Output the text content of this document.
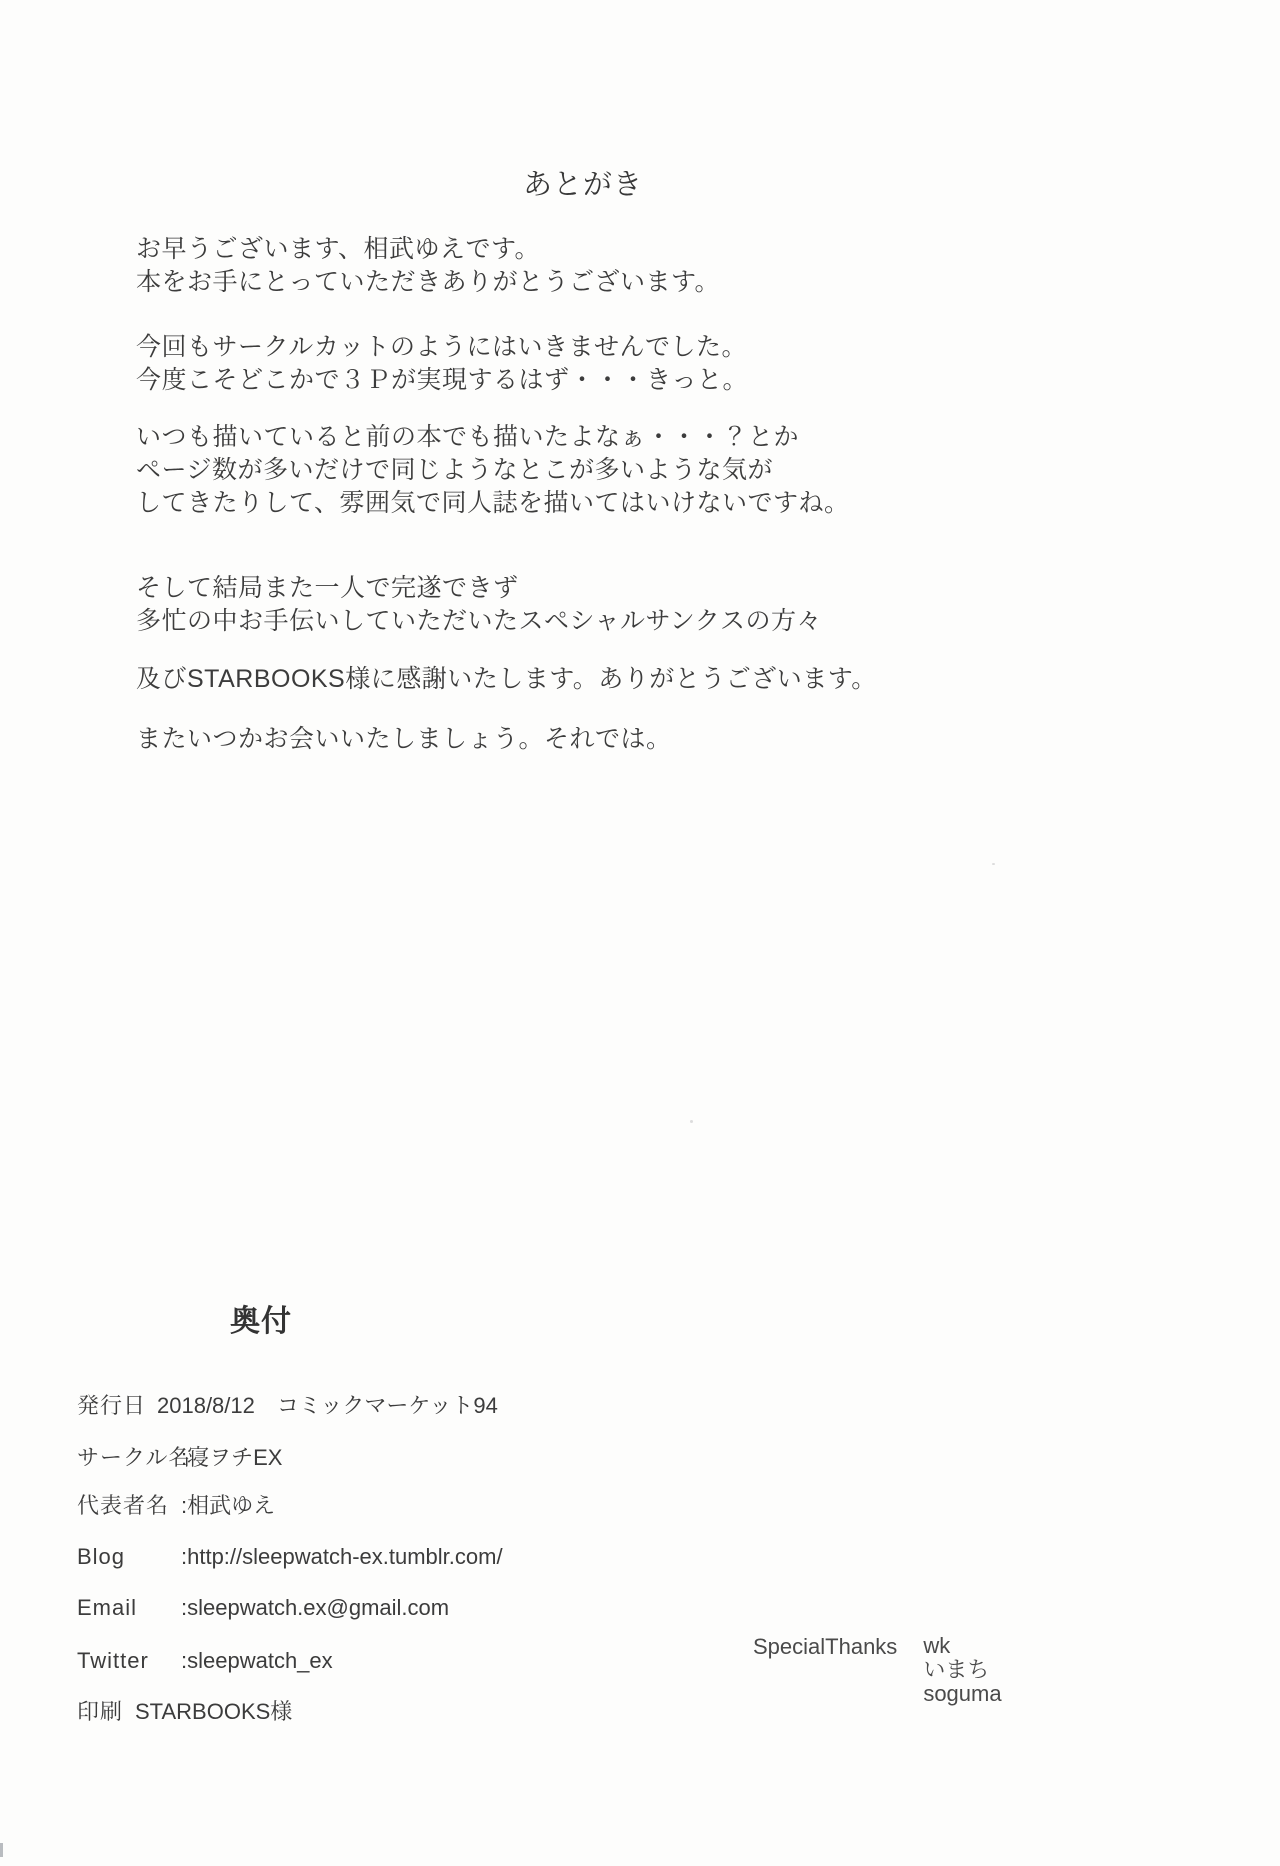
あとがき
お早うございます、相武ゆえです。
本をお手にとっていただきありがとうございます。
今回もサークルカットのようにはいきませんでした。
今度こそどこかで３Ｐが実現するはず・・・きっと。
いつも描いていると前の本でも描いたよなぁ・・・？とか
ページ数が多いだけで同じようなとこが多いような気が
してきたりして、雰囲気で同人誌を描いてはいけないですね。
そして結局また一人で完遂できず
多忙の中お手伝いしていただいたスペシャルサンクスの方々
及びSTARBOOKS様に感謝いたします。ありがとうございます。
またいつかお会いいたしましょう。それでは。
奥付
発行日 2018/8/12　コミックマーケット94
サークル名:寝ヲチEX
代表者名 :相武ゆえ
Blog	:http://sleepwatch-ex.tumblr.com/
Email :sleepwatch.ex@gmail.com
Twitter :sleepwatch_ex
印刷 STARBOOKS様
SpecialThanks wk
いまち
soguma
